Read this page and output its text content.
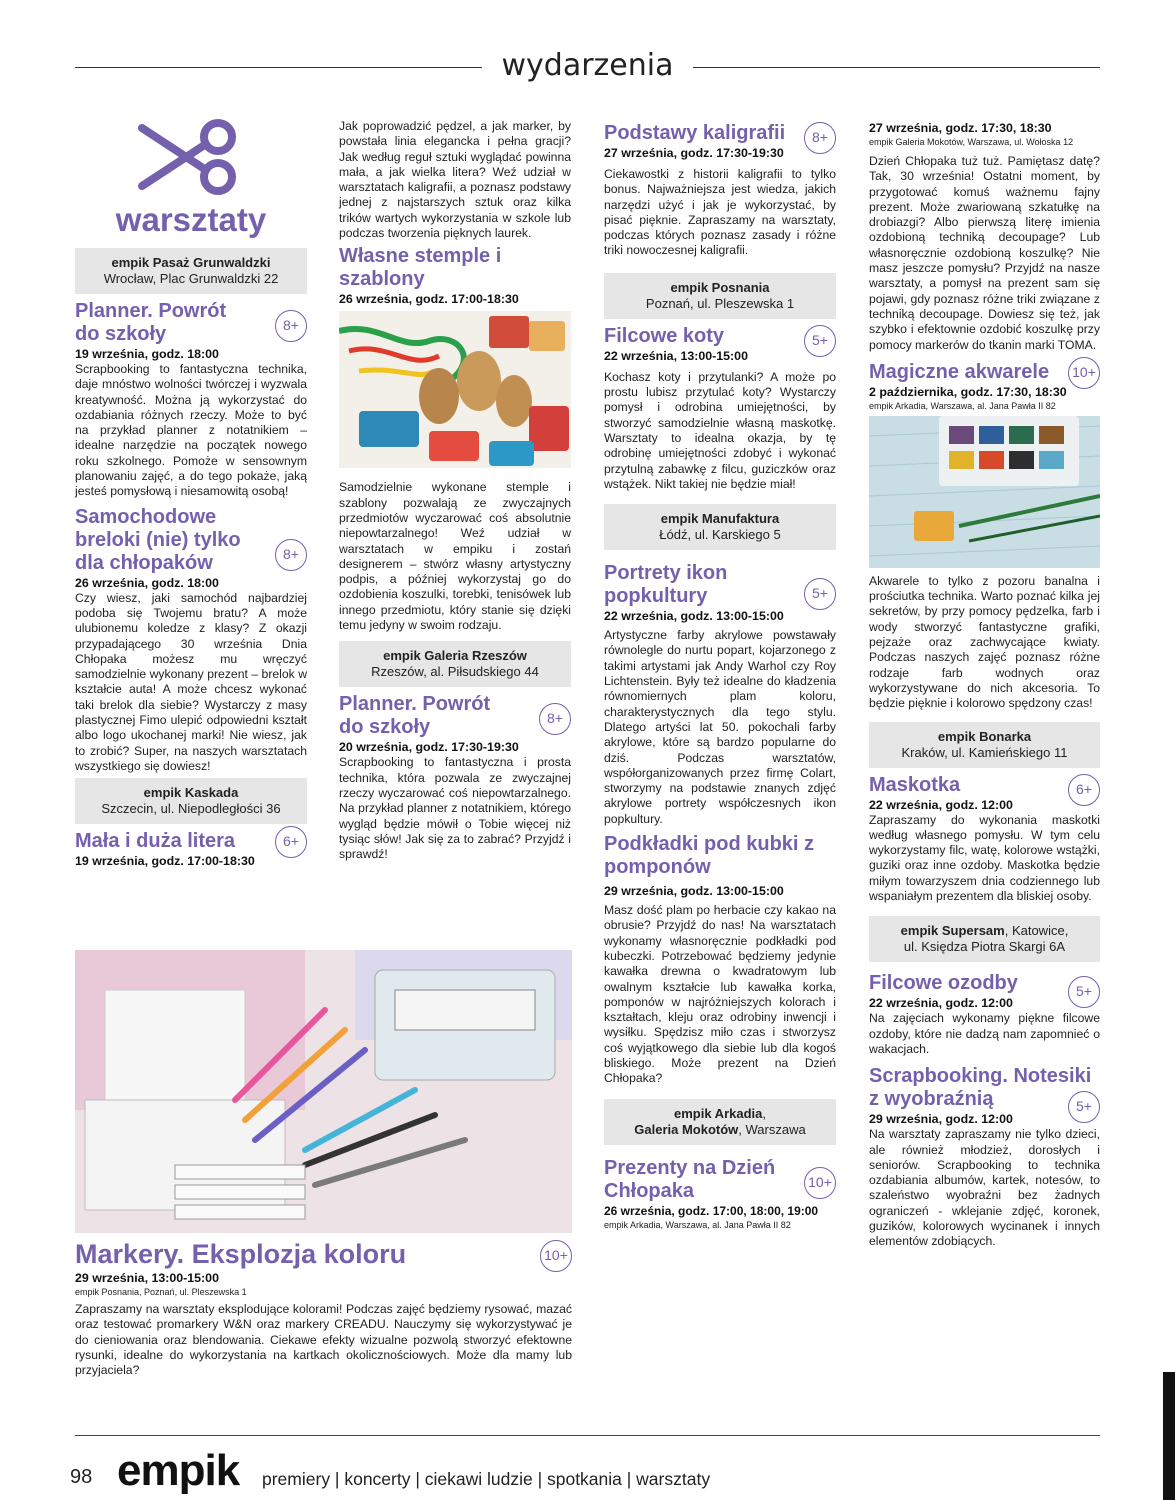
wydarzenia
warsztaty
empik Pasaż Grunwaldzki
Wrocław, Plac Grunwaldzki 22
Planner. Powrót do szkoły	8+
19 września, godz. 18:00
Scrapbooking to fantastyczna technika, daje mnóstwo wolności twórczej i wyzwala kreatywność. Można ją wykorzystać do ozdabiania różnych rzeczy. Może to być na przykład planner z notatnikiem – idealne narzędzie na początek nowego roku szkolnego. Pomoże w sensownym planowaniu zajęć, a do tego pokaże, jaką jesteś pomysłową i niesamowitą osobą!
Samochodowe breloki (nie) tylko dla chłopaków	8+
26 września, godz. 18:00
Czy wiesz, jaki samochód najbardziej podoba się Twojemu bratu? A może ulubionemu koledze z klasy? Z okazji przypadającego 30 września Dnia Chłopaka możesz mu wręczyć samodzielnie wykonany prezent – brelok w kształcie auta! A może chcesz wykonać taki brelok dla siebie? Wystarczy z masy plastycznej Fimo ulepić odpowiedni kształt albo logo ukochanej marki! Nie wiesz, jak to zrobić? Super, na naszych warsztatach wszystkiego się dowiesz!
empik Kaskada
Szczecin, ul. Niepodległości 36
Mała i duża litera	6+
19 września, godz. 17:00-18:30
Jak poprowadzić pędzel, a jak marker, by powstała linia elegancka i pełna gracji? Jak według reguł sztuki wyglądać powinna mała, a jak wielka litera? Weź udział w warsztatach kaligrafii, a poznasz podstawy jednej z najstarszych sztuk oraz kilka trików wartych wykorzystania w szkole lub podczas tworzenia pięknych laurek.
Własne stemple i szablony
26 września, godz. 17:00-18:30
Samodzielnie wykonane stemple i szablony pozwalają ze zwyczajnych przedmiotów wyczarować coś absolutnie niepowtarzalnego! Weź udział w warsztatach w empiku i zostań designerem – stwórz własny artystyczny podpis, a później wykorzystaj go do ozdobienia koszulki, torebki, tenisówek lub innego przedmiotu, który stanie się dzięki temu jedyny w swoim rodzaju.
empik Galeria Rzeszów
Rzeszów, al. Piłsudskiego 44
Planner. Powrót do szkoły	8+
20 września, godz. 17:30-19:30
Scrapbooking to fantastyczna i prosta technika, która pozwala ze zwyczajnej rzeczy wyczarować coś niepowtarzalnego. Na przykład planner z notatnikiem, którego wygląd będzie mówił o Tobie więcej niż tysiąc słów! Jak się za to zabrać? Przyjdź i sprawdź!
Markery. Eksplozja koloru	10+
29 września, 13:00-15:00
empik Posnania, Poznań, ul. Pleszewska 1
Zapraszamy na warsztaty eksplodujące kolorami! Podczas zajęć będziemy rysować, mazać oraz testować promarkery W&N oraz markery CREADU. Nauczymy się wykorzystywać je do cieniowania oraz blendowania. Ciekawe efekty wizualne pozwolą stworzyć efektowne rysunki, idealne do wykorzystania na kartkach okolicznościowych. Może dla mamy lub przyjaciela?
Podstawy kaligrafii	8+
27 września, godz. 17:30-19:30
Ciekawostki z historii kaligrafii to tylko bonus. Najważniejsza jest wiedza, jakich narzędzi użyć i jak je wykorzystać, by pisać pięknie. Zapraszamy na warsztaty, podczas których poznasz zasady i różne triki nowoczesnej kaligrafii.
empik Posnania
Poznań, ul. Pleszewska 1
Filcowe koty	5+
22 września, 13:00-15:00
Kochasz koty i przytulanki? A może po prostu lubisz przytulać koty? Wystarczy pomysł i odrobina umiejętności, by stworzyć samodzielnie własną maskotkę. Warsztaty to idealna okazja, by tę odrobinę umiejętności zdobyć i wykonać przytulną zabawkę z filcu, guziczków oraz wstążek. Nikt takiej nie będzie miał!
empik Manufaktura
Łódź, ul. Karskiego 5
Portrety ikon popkultury	5+
22 września, godz. 13:00-15:00
Artystyczne farby akrylowe powstawały równolegle do nurtu popart, kojarzonego z takimi artystami jak Andy Warhol czy Roy Lichtenstein. Były też idealne do kładzenia równomiernych plam koloru, charakterystycznych dla tego stylu. Dlatego artyści lat 50. pokochali farby akrylowe, które są bardzo popularne do dziś. Podczas warsztatów, współorganizowanych przez firmę Colart, stworzymy na podstawie znanych zdjęć akrylowe portrety współczesnych ikon popkultury.
Podkładki pod kubki z pomponów
29 września, godz. 13:00-15:00
Masz dość plam po herbacie czy kakao na obrusie? Przyjdź do nas! Na warsztatach wykonamy własnoręcznie podkładki pod kubeczki. Potrzebować będziemy jedynie kawałka drewna o kwadratowym lub owalnym kształcie lub kawałka korka, pomponów w najróżniejszych kolorach i kształtach, kleju oraz odrobiny inwencji i wysiłku. Spędzisz miło czas i stworzysz coś wyjątkowego dla siebie lub dla kogoś bliskiego. Może prezent na Dzień Chłopaka?
empik Arkadia,
Galeria Mokotów, Warszawa
Prezenty na Dzień Chłopaka	10+
26 września, godz. 17:00, 18:00, 19:00
empik Arkadia, Warszawa, al. Jana Pawła II 82
27 września, godz. 17:30, 18:30
empik Galeria Mokotów, Warszawa, ul. Wołoska 12
Dzień Chłopaka tuż tuż. Pamiętasz datę? Tak, 30 września! Ostatni moment, by przygotować komuś ważnemu fajny prezent. Może zwariowaną szkatułkę na drobiazgi? Albo pierwszą literę imienia ozdobioną techniką decoupage? Lub własnoręcznie ozdobioną koszulkę? Nie masz jeszcze pomysłu? Przyjdź na nasze warsztaty, a pomysł na prezent sam się pojawi, gdy poznasz różne triki związane z techniką decoupage. Dowiesz się też, jak szybko i efektownie ozdobić koszulkę przy pomocy markerów do tkanin marki TOMA.
Magiczne akwarele	10+
2 października, godz. 17:30, 18:30
empik Arkadia, Warszawa, al. Jana Pawła II 82
Akwarele to tylko z pozoru banalna i prościutka technika. Warto poznać kilka jej sekretów, by przy pomocy pędzelka, farb i wody stworzyć fantastyczne grafiki, pejzaże oraz zachwycające kwiaty. Podczas naszych zajęć poznasz różne rodzaje farb wodnych oraz wykorzystywane do nich akcesoria. To będzie pięknie i kolorowo spędzony czas!
empik Bonarka
Kraków, ul. Kamieńskiego 11
Maskotka	6+
22 września, godz. 12:00
Zapraszamy do wykonania maskotki według własnego pomysłu. W tym celu wykorzystamy filc, watę, kolorowe wstążki, guziki oraz inne ozdoby. Maskotka będzie miłym towarzyszem dnia codziennego lub wspaniałym prezentem dla bliskiej osoby.
empik Supersam, Katowice,
ul. Księdza Piotra Skargi 6A
Filcowe ozodby	5+
22 września, godz. 12:00
Na zajęciach wykonamy piękne filcowe ozdoby, które nie dadzą nam zapomnieć o wakacjach.
Scrapbooking. Notesiki z wyobraźnią	5+
29 września, godz. 12:00
Na warsztaty zapraszamy nie tylko dzieci, ale również młodzież, dorosłych i seniorów. Scrapbooking to technika ozdabiania albumów, kartek, notesów, to szaleństwo wyobraźni bez żadnych ograniczeń - wklejanie zdjęć, koronek, guzików, kolorowych wycinanek i innych elementów zdobiących.
98 empik premiery | koncerty | ciekawi ludzie | spotkania | warsztaty
